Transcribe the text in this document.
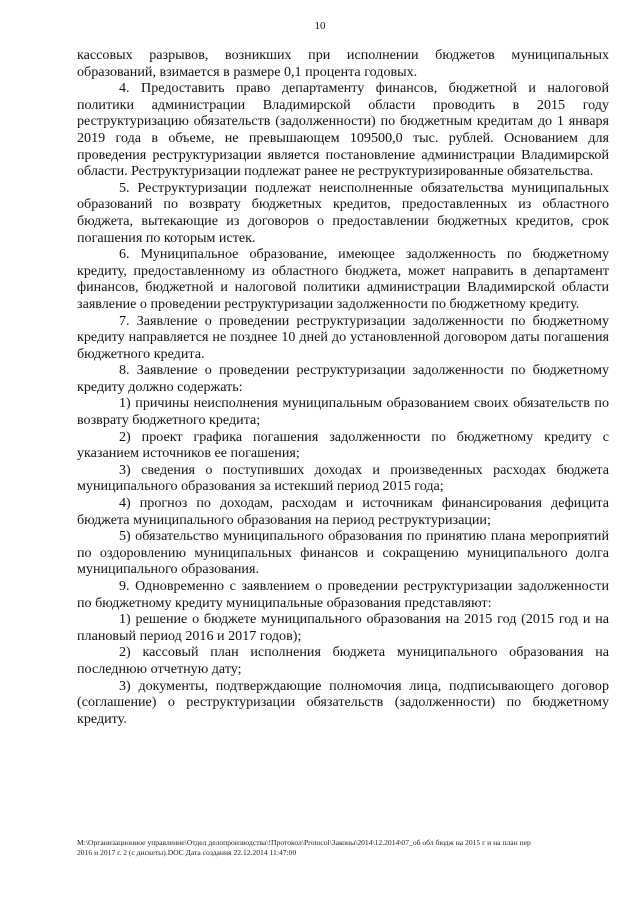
10

кассовых разрывов, возникших при исполнении бюджетов муниципальных образований, взимается в размере 0,1 процента годовых.

4. Предоставить право департаменту финансов, бюджетной и налоговой политики администрации Владимирской области проводить в 2015 году реструктуризацию обязательств (задолженности) по бюджетным кредитам до 1 января 2019 года в объеме, не превышающем 109500,0 тыс. рублей. Основанием для проведения реструктуризации является постановление администрации Владимирской области. Реструктуризации подлежат ранее не реструктуризированные обязательства.

5. Реструктуризации подлежат неисполненные обязательства муниципальных образований по возврату бюджетных кредитов, предоставленных из областного бюджета, вытекающие из договоров о предоставлении бюджетных кредитов, срок погашения по которым истек.

6. Муниципальное образование, имеющее задолженность по бюджетному кредиту, предоставленному из областного бюджета, может направить в департамент финансов, бюджетной и налоговой политики администрации Владимирской области заявление о проведении реструктуризации задолженности по бюджетному кредиту.

7. Заявление о проведении реструктуризации задолженности по бюджетному кредиту направляется не позднее 10 дней до установленной договором даты погашения бюджетного кредита.

8. Заявление о проведении реструктуризации задолженности по бюджетному кредиту должно содержать:

1) причины неисполнения муниципальным образованием своих обязательств по возврату бюджетного кредита;

2) проект графика погашения задолженности по бюджетному кредиту с указанием источников ее погашения;

3) сведения о поступивших доходах и произведенных расходах бюджета муниципального образования за истекший период 2015 года;

4) прогноз по доходам, расходам и источникам финансирования дефицита бюджета муниципального образования на период реструктуризации;

5) обязательство муниципального образования по принятию плана мероприятий по оздоровлению муниципальных финансов и сокращению муниципального долга муниципального образования.

9. Одновременно с заявлением о проведении реструктуризации задолженности по бюджетному кредиту муниципальные образования представляют:

1) решение о бюджете муниципального образования на 2015 год (2015 год и на плановый период 2016 и 2017 годов);

2) кассовый план исполнения бюджета муниципального образования на последнюю отчетную дату;

3) документы, подтверждающие полномочия лица, подписывающего договор (соглашение) о реструктуризации обязательств (задолженности) по бюджетному кредиту.

М:\Организационное управление\Отдел делопроизводства\!Протокол\Protocol\Законы\2014\12.2014\07_об обл бюдж на 2015 г и на план пер
2016 и 2017 г. 2 (с дискеты).DOC Дата создания 22.12.2014 11:47:00
